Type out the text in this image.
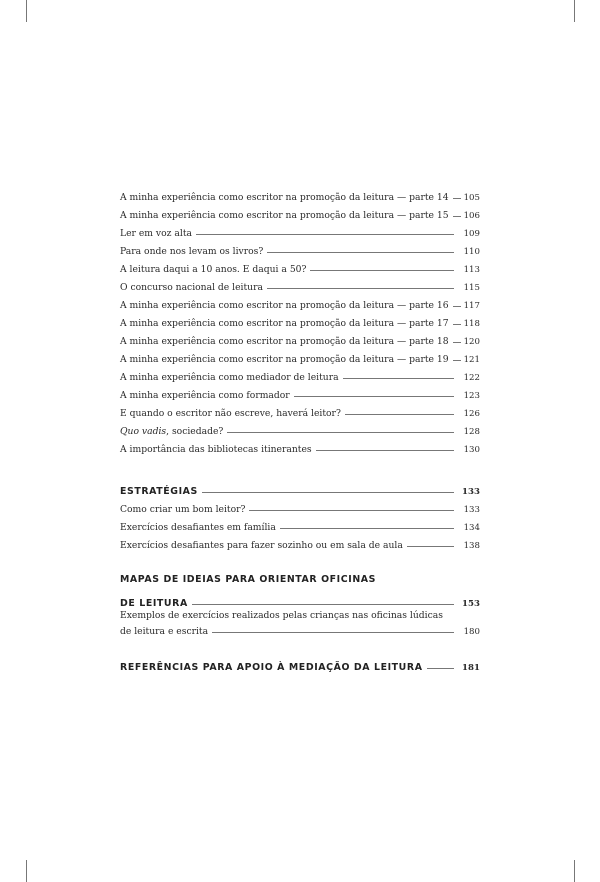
A minha experiência como escritor na promoção da leitura — parte 14	105
A minha experiência como escritor na promoção da leitura — parte 15	106
Ler em voz alta	109
Para onde nos levam os livros?	110
A leitura daqui a 10 anos. E daqui a 50?	113
O concurso nacional de leitura	115
A minha experiência como escritor na promoção da leitura — parte 16	117
A minha experiência como escritor na promoção da leitura — parte 17	118
A minha experiência como escritor na promoção da leitura — parte 18	120
A minha experiência como escritor na promoção da leitura — parte 19	121
A minha experiência como mediador de leitura	122
A minha experiência como formador	123
E quando o escritor não escreve, haverá leitor?	126
Quo vadis, sociedade?	128
A importância das bibliotecas itinerantes	130
ESTRATÉGIAS	133
Como criar um bom leitor?	133
Exercícios desafiantes em família	134
Exercícios desafiantes para fazer sozinho ou em sala de aula	138
MAPAS DE IDEIAS PARA ORIENTAR OFICINAS
DE LEITURA	153
Exemplos de exercícios realizados pelas crianças nas oficinas lúdicas
de leitura e escrita	180
REFERÊNCIAS PARA APOIO À MEDIAÇÃO DA LEITURA	181
